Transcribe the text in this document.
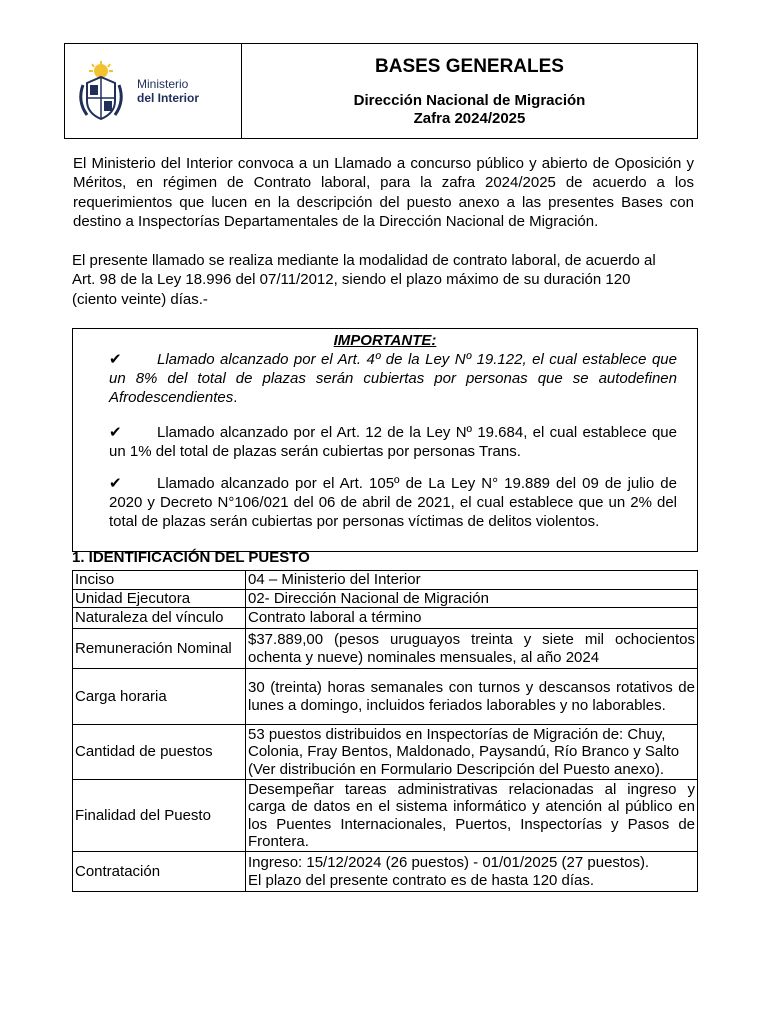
Ministerio
del Interior
BASES GENERALES
Dirección Nacional de Migración
Zafra 2024/2025
El Ministerio del Interior convoca a un Llamado a concurso público y abierto de Oposición y Méritos, en régimen de Contrato laboral, para la zafra 2024/2025 de acuerdo a los requerimientos que lucen en la descripción del puesto anexo a las presentes Bases con destino a Inspectorías Departamentales de la Dirección Nacional de Migración.
El presente llamado se realiza mediante la modalidad de contrato laboral, de acuerdo al
Art. 98 de la Ley 18.996 del 07/11/2012, siendo el plazo máximo de su duración 120
(ciento veinte) días.-
IMPORTANTE:
✔ Llamado alcanzado por el Art. 4º de la Ley Nº 19.122, el cual establece que un 8% del total de plazas serán cubiertas por personas que se autodefinen Afrodescendientes.
✔ Llamado alcanzado por el Art. 12 de la Ley Nº 19.684, el cual establece que un 1% del total de plazas serán cubiertas por personas Trans.
✔ Llamado alcanzado por el Art. 105º de La Ley N° 19.889 del 09 de julio de 2020 y Decreto N°106/021 del 06 de abril de 2021, el cual establece que un 2% del total de plazas serán cubiertas por personas víctimas de delitos violentos.
1. IDENTIFICACIÓN DEL PUESTO
Inciso	04 – Ministerio del Interior
Unidad Ejecutora	02- Dirección Nacional de Migración
Naturaleza del vínculo	Contrato laboral a término
Remuneración Nominal	$37.889,00 (pesos uruguayos treinta y siete mil ochocientos ochenta y nueve) nominales mensuales, al año 2024
Carga horaria	30 (treinta) horas semanales con turnos y descansos rotativos de lunes a domingo, incluidos feriados laborables y no laborables.
Cantidad de puestos	53 puestos distribuidos en Inspectorías de Migración de: Chuy, Colonia, Fray Bentos, Maldonado, Paysandú, Río Branco y Salto (Ver distribución en Formulario Descripción del Puesto anexo).
Finalidad del Puesto	Desempeñar tareas administrativas relacionadas al ingreso y carga de datos en el sistema informático y atención al público en los Puentes Internacionales, Puertos, Inspectorías y Pasos de Frontera.
Contratación	Ingreso: 15/12/2024 (26 puestos) - 01/01/2025 (27 puestos).
El plazo del presente contrato es de hasta 120 días.
